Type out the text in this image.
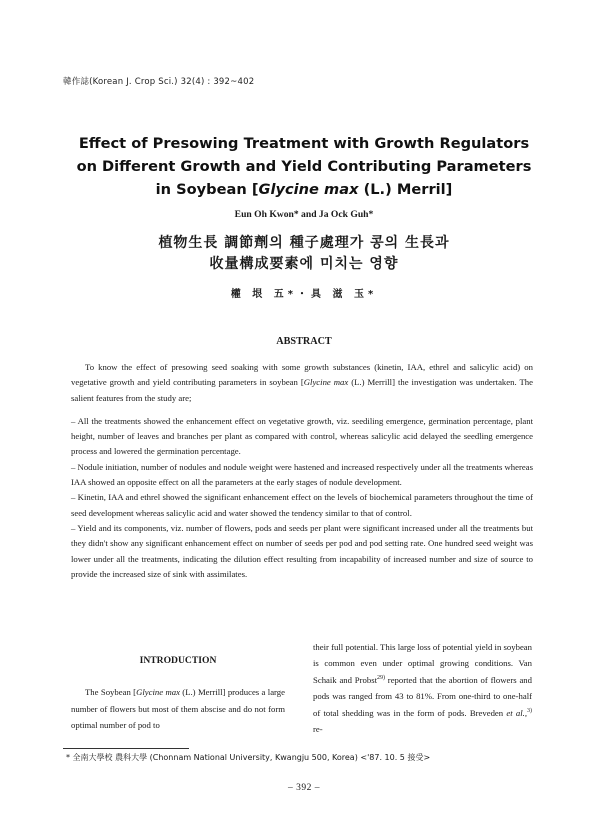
韓作誌(Korean J. Crop Sci.) 32(4) : 392~402
Effect of Presowing Treatment with Growth Regulators
on Different Growth and Yield Contributing Parameters
in Soybean [Glycine max (L.) Merril]
Eun Oh Kwon* and Ja Ock Guh*
植物生長 調節劑의 種子處理가 콩의 生長과
收量構成要素에 미치는 영향
權 垠 五*・具 滋 玉*
ABSTRACT

To know the effect of presowing seed soaking with some growth substances (kinetin, IAA, ethrel and salicylic acid) on vegetative growth and yield contributing parameters in soybean [Glycine max (L.) Merrill] the investigation was undertaken. The salient features from the study are;

– All the treatments showed the enhancement effect on vegetative growth, viz. seediling emergence, germination percentage, plant height, number of leaves and branches per plant as compared with control, whereas salicylic acid delayed the seedling emergence process and lowered the germination percentage.

– Nodule initiation, number of nodules and nodule weight were hastened and increased respectively under all the treatments whereas IAA showed an opposite effect on all the parameters at the early stages of nodule development.

– Kinetin, IAA and ethrel showed the significant enhancement effect on the levels of biochemical parameters throughout the time of seed development whereas salicylic acid and water showed the tendency similar to that of control.

– Yield and its components, viz. number of flowers, pods and seeds per plant were significant increased under all the treatments but they didn't show any significant enhancement effect on number of seeds per pod and pod setting rate. One hundred seed weight was lower under all the treatments, indicating the dilution effect resulting from incapability of increased number and size of source to provide the increased size of sink with assimilates.

INTRODUCTION

The Soybean [Glycine max (L.) Merrill] produces a large number of flowers but most of them abscise and do not form optimal number of pod to

their full potential. This large loss of potential yield in soybean is common even under optimal growing conditions. Van Schaik and Probst$^{29)}$ reported that the abortion of flowers and pods was ranged from 43 to 81%. From one-third to one-half of total shedding was in the form of pods. Breveden et al.,$^{3)}$ re-

* 全南大學校 農科大學 (Chonnam National University, Kwangju 500, Korea) <'87. 10. 5 接受>
– 392 –
